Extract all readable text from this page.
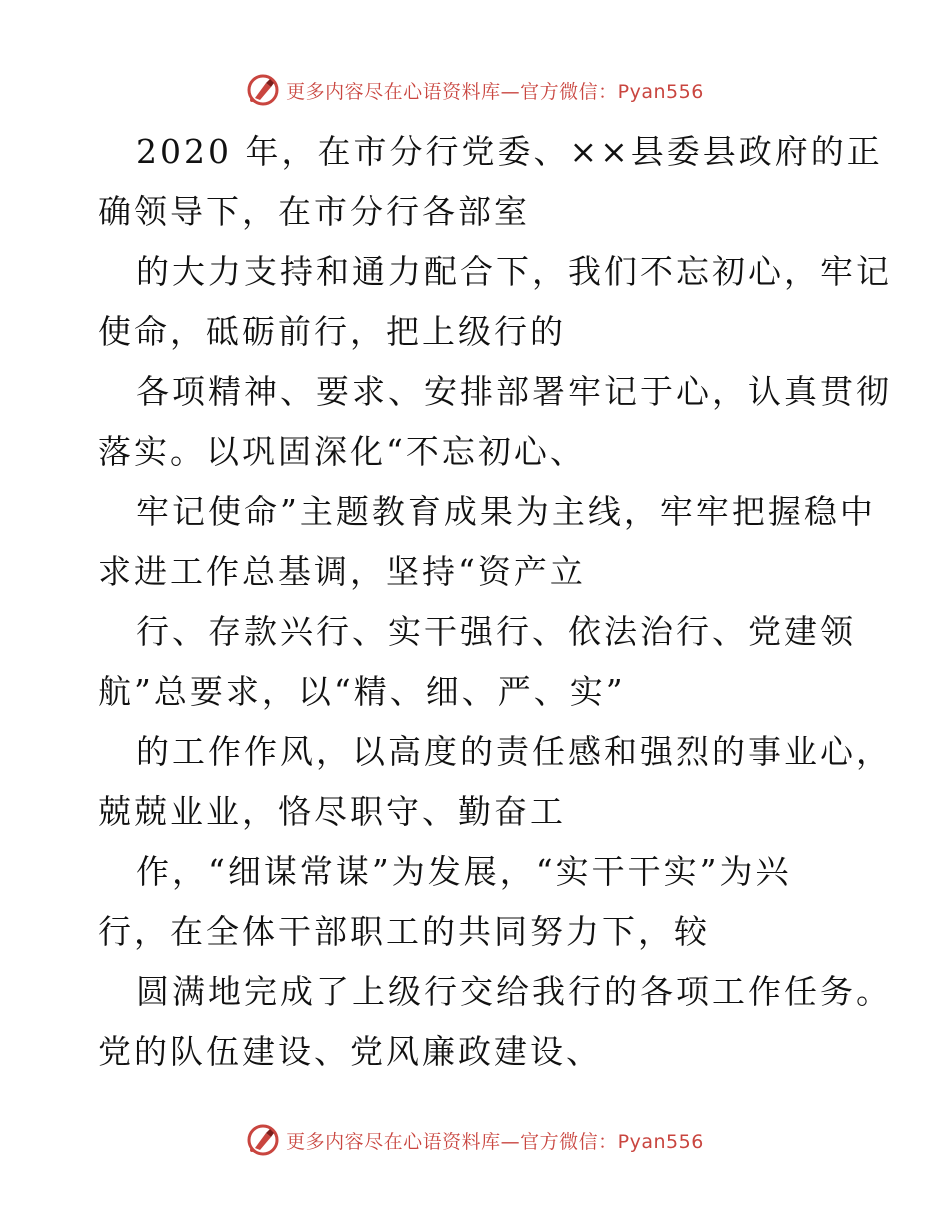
更多内容尽在心语资料库—官方微信：Pyan556
2020 年，在市分行党委、××县委县政府的正
确领导下，在市分行各部室
的大力支持和通力配合下，我们不忘初心，牢记
使命，砥砺前行，把上级行的
各项精神、要求、安排部署牢记于心，认真贯彻
落实。以巩固深化“不忘初心、
牢记使命”主题教育成果为主线，牢牢把握稳中
求进工作总基调，坚持“资产立
行、存款兴行、实干强行、依法治行、党建领
航”总要求，以“精、细、严、实”
的工作作风，以高度的责任感和强烈的事业心，
兢兢业业，恪尽职守、勤奋工
作，“细谋常谋”为发展，“实干干实”为兴
行，在全体干部职工的共同努力下，较
圆满地完成了上级行交给我行的各项工作任务。
党的队伍建设、党风廉政建设、
更多内容尽在心语资料库—官方微信：Pyan556
